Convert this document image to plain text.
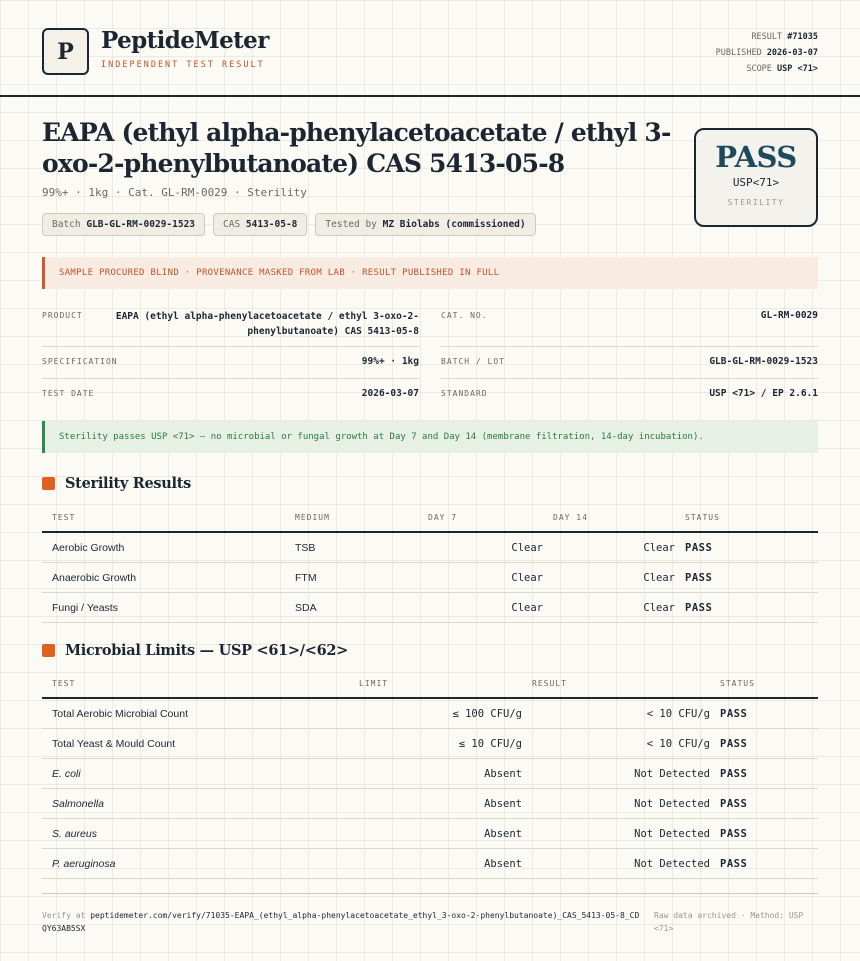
P PeptideMeter
INDEPENDENT TEST RESULT
RESULT #71035
PUBLISHED 2026-03-07
SCOPE USP <71>
EAPA (ethyl alpha-phenylacetoacetate / ethyl 3-oxo-2-phenylbutanoate) CAS 5413-05-8
99%+ · 1kg · Cat. GL-RM-0029 · Sterility
Batch GLB-GL-RM-0029-1523	CAS 5413-05-8	Tested by MZ Biolabs (commissioned)
PASS
USP<71>
STERILITY
SAMPLE PROCURED BLIND · PROVENANCE MASKED FROM LAB · RESULT PUBLISHED IN FULL
PRODUCT	EAPA (ethyl alpha-phenylacetoacetate / ethyl 3-oxo-2-phenylbutanoate) CAS 5413-05-8
CAT. NO.	GL-RM-0029
SPECIFICATION	99%+ · 1kg	BATCH / LOT	GLB-GL-RM-0029-1523
TEST DATE	2026-03-07	STANDARD	USP <71> / EP 2.6.1
Sterility passes USP <71> — no microbial or fungal growth at Day 7 and Day 14 (membrane filtration, 14-day incubation).
Sterility Results
TEST	MEDIUM	DAY 7	DAY 14	STATUS
Aerobic Growth	TSB	Clear	Clear	PASS
Anaerobic Growth	FTM	Clear	Clear	PASS
Fungi / Yeasts	SDA	Clear	Clear	PASS
Microbial Limits — USP <61>/<62>
TEST	LIMIT	RESULT	STATUS
Total Aerobic Microbial Count	≤ 100 CFU/g	< 10 CFU/g	PASS
Total Yeast & Mould Count	≤ 10 CFU/g	< 10 CFU/g	PASS
E. coli	Absent	Not Detected	PASS
Salmonella	Absent	Not Detected	PASS
S. aureus	Absent	Not Detected	PASS
P. aeruginosa	Absent	Not Detected	PASS
Verify at peptidemeter.com/verify/71035-EAPA_(ethyl_alpha-phenylacetoacetate_ethyl_3-oxo-2-phenylbutanoate)_CAS_5413-05-8_CDQY63AB5SX
Raw data archived · Method: USP <71>
